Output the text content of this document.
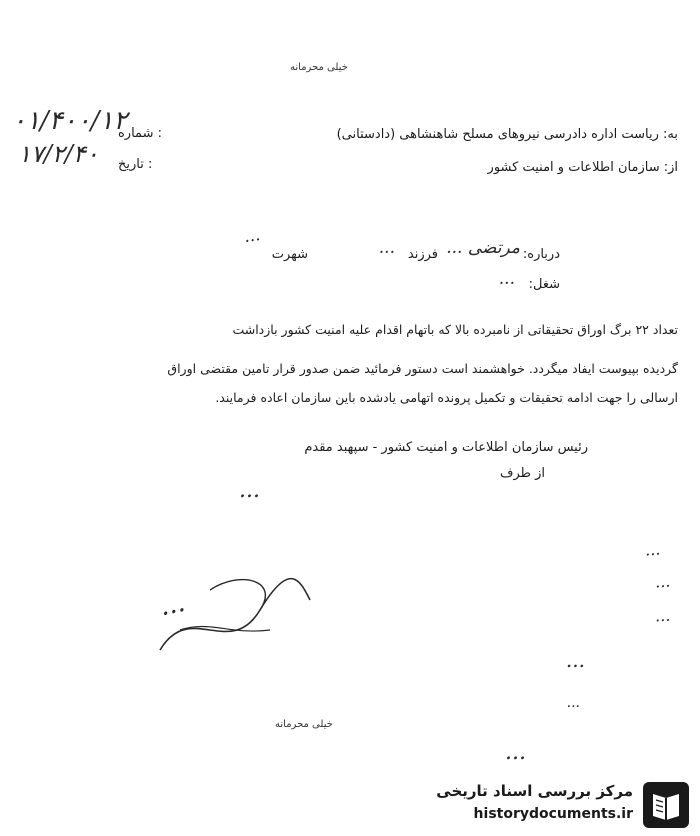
خیلی محرمانه
۰۱/۴۰۰/۱۲
۱۷/۲/۴۰
: شماره
: تاریخ
به: ریاست اداره دادرسی نیروهای مسلح شاهنشاهی (دادستانی)
از: سازمان اطلاعات و امنیت کشور
درباره:
مرتضی ...
فرزند
...
شهرت
...
شغل:
...
تعداد ۲۲ برگ اوراق تحقیقاتی از نامبرده بالا که باتهام اقدام علیه امنیت کشور بازداشت
گردیده بپیوست ایفاد میگردد. خواهشمند است دستور فرمائید ضمن صدور قرار تامین مقتضی اوراق
ارسالی را جهت ادامه تحقیقات و تکمیل پرونده اتهامی یادشده باین سازمان اعاده فرمایند.
رئیس سازمان اطلاعات و امنیت کشور - سپهبد مقدم
از طرف
...
...
...
...
...
...
...
خیلی محرمانه
...
مرکز بررسی اسناد تاریخی
historydocuments.ir
